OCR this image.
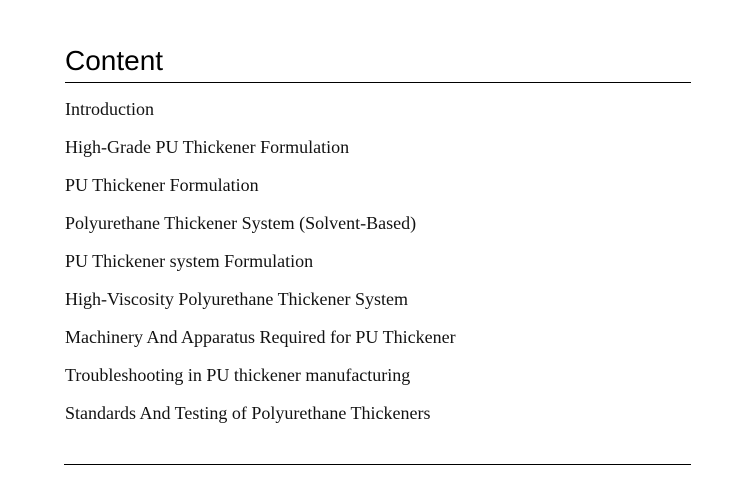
Content
Introduction
High-Grade PU Thickener Formulation
PU Thickener Formulation
Polyurethane Thickener System (Solvent-Based)
PU Thickener system Formulation
High-Viscosity Polyurethane Thickener System
Machinery And Apparatus Required for PU Thickener
Troubleshooting in PU thickener manufacturing
Standards And Testing of Polyurethane Thickeners
